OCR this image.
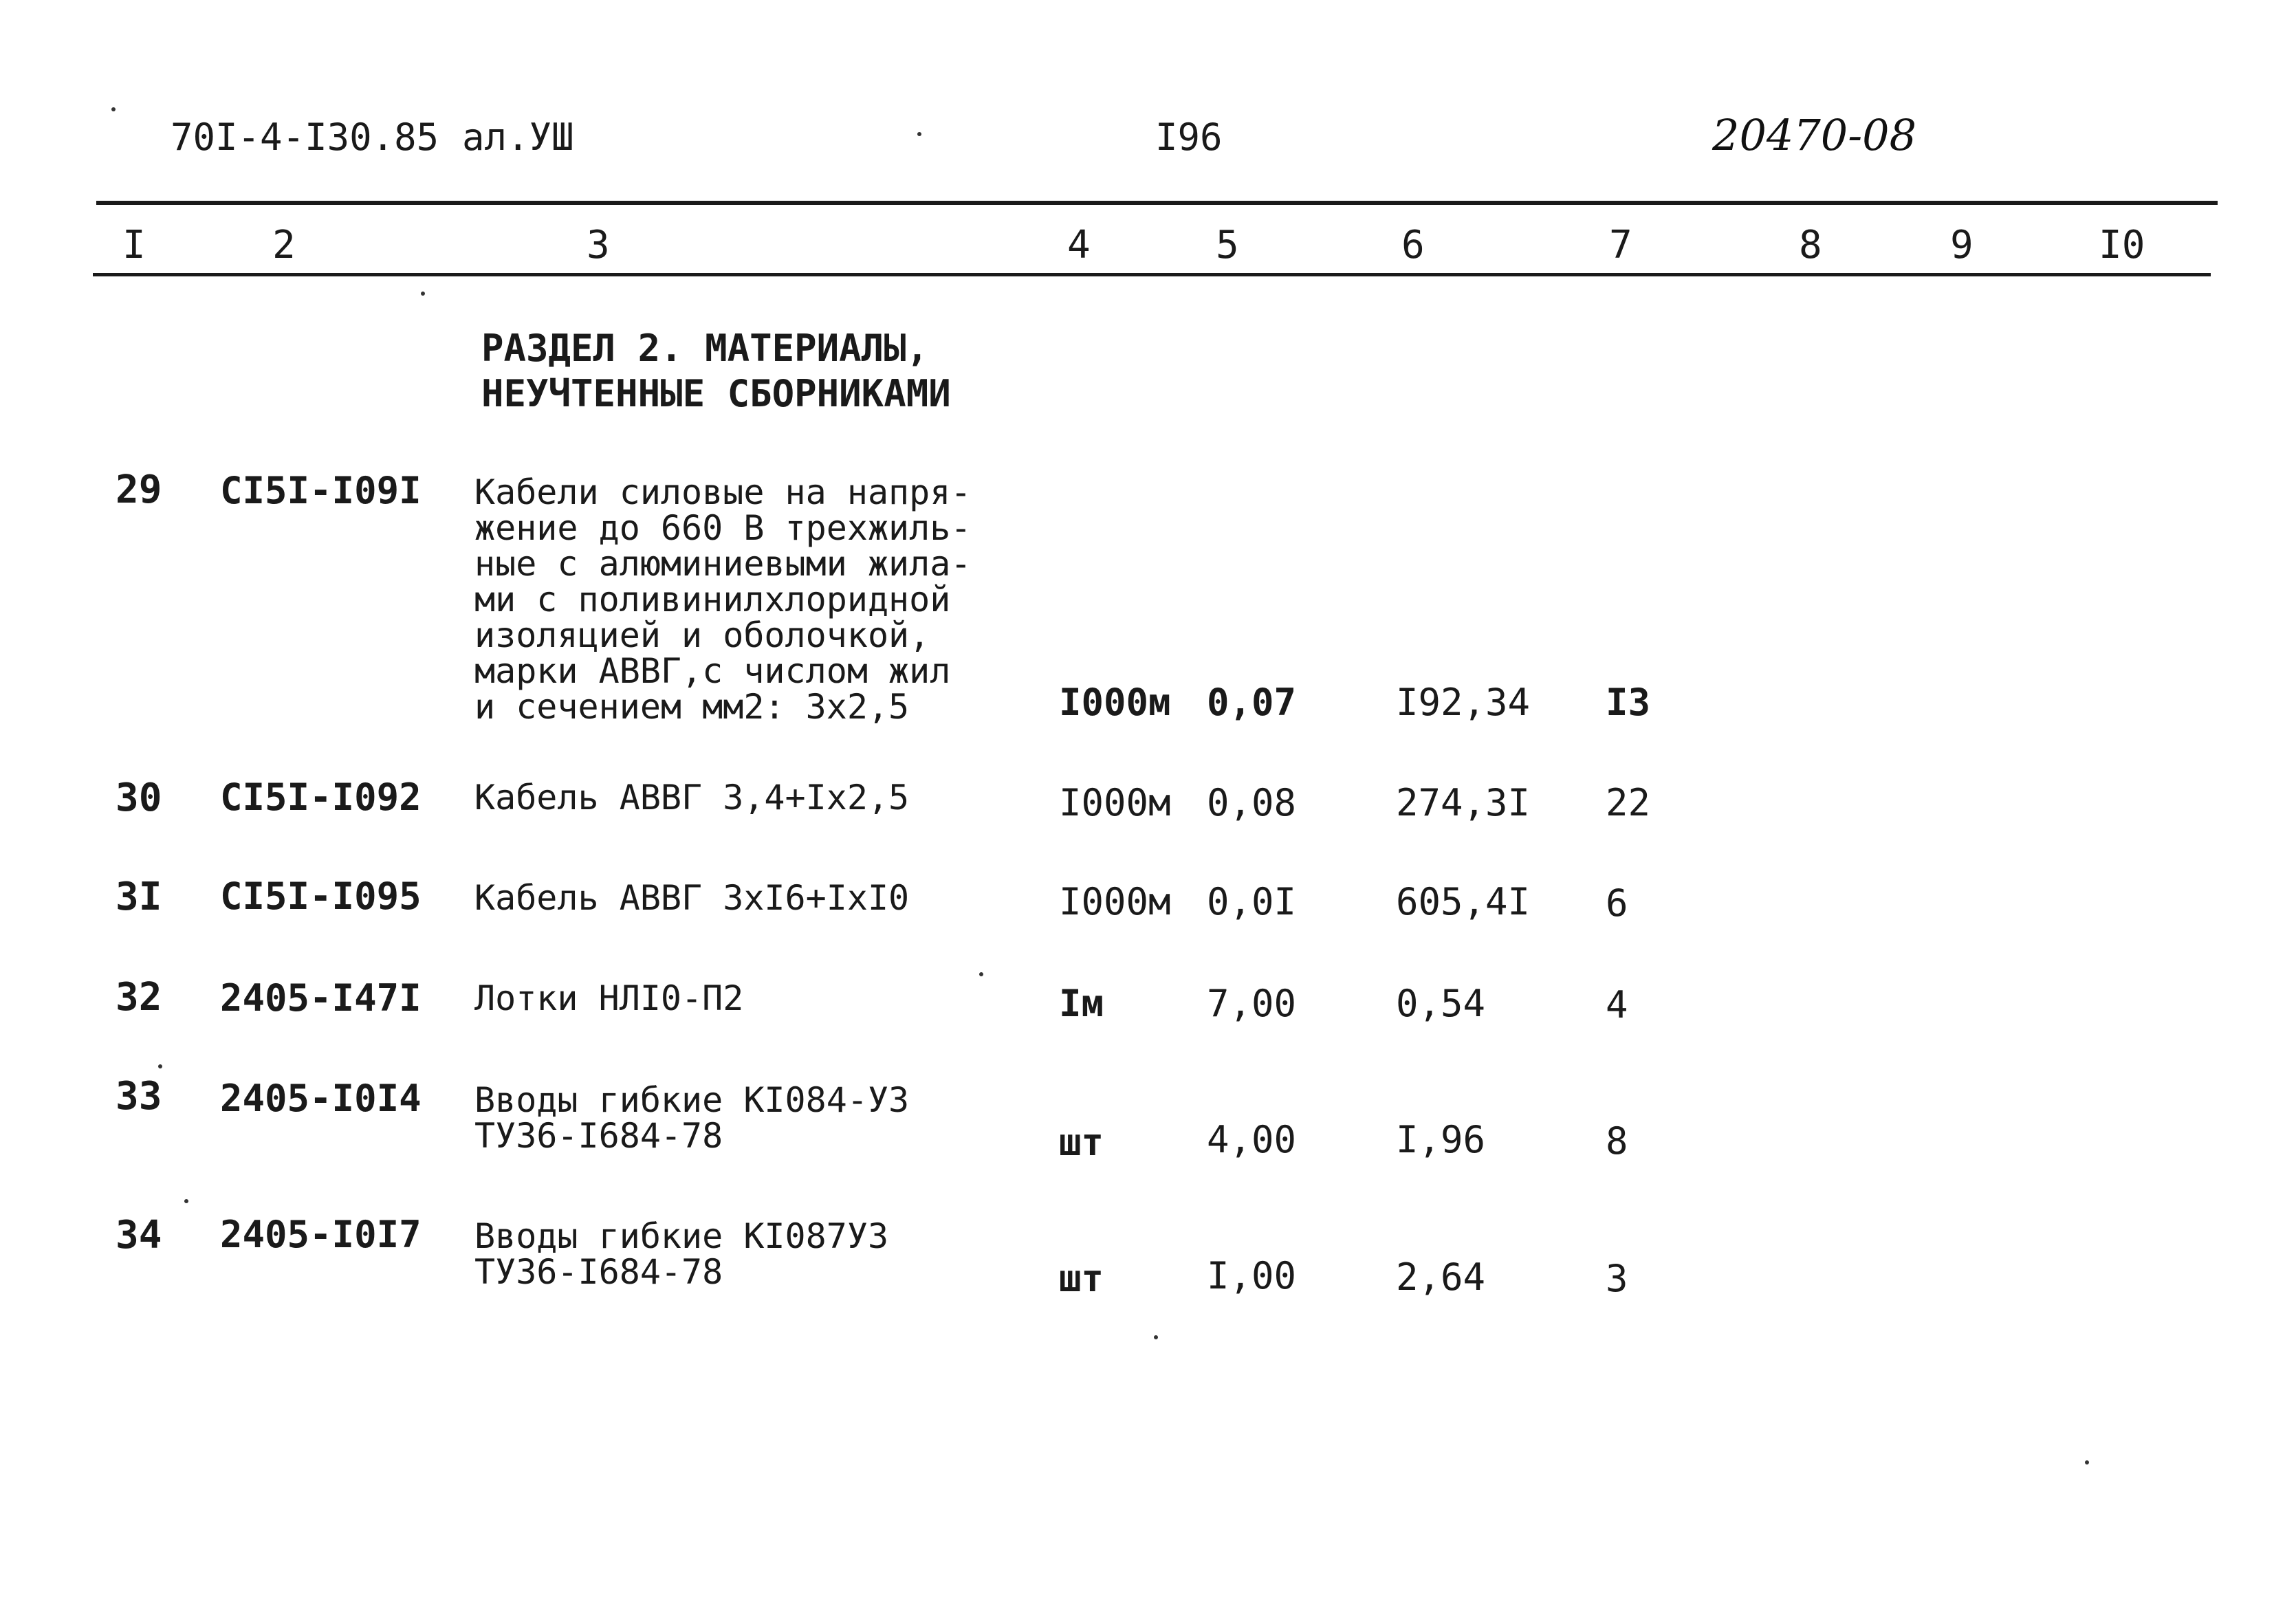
70I-4-I30.85 ал.УШ	I96	20470-08
I	2	3	4	5	6	7	8	9	I0
РАЗДЕЛ 2. МАТЕРИАЛЫ,
НЕУЧТЕННЫЕ СБОРНИКАМИ
29 CI5I-I09I Кабели силовые на напря-
жение до 660 В трехжиль-
ные с алюминиевыми жила-
ми с поливинилхлоридной
изоляцией и оболочкой,
марки АВВГ,с числом жил
и сечением мм2: 3х2,5	I000м 0,07	I92,34 I3
30 CI5I-I092 Кабель АВВГ 3,4+Iх2,5	I000м 0,08	274,3I 22
3I CI5I-I095 Кабель АВВГ 3хI6+IхI0	I000м 0,0I	605,4I 6
32 2405-I47I Лотки НЛI0-П2	Iм	7,00	0,54	4
33 2405-I0I4 Вводы гибкие КI084-У3
ТУ36-I684-78	шт	4,00	I,96	8
34 2405-I0I7 Вводы гибкие КI087У3
ТУ36-I684-78	шт	I,00	2,64	3
